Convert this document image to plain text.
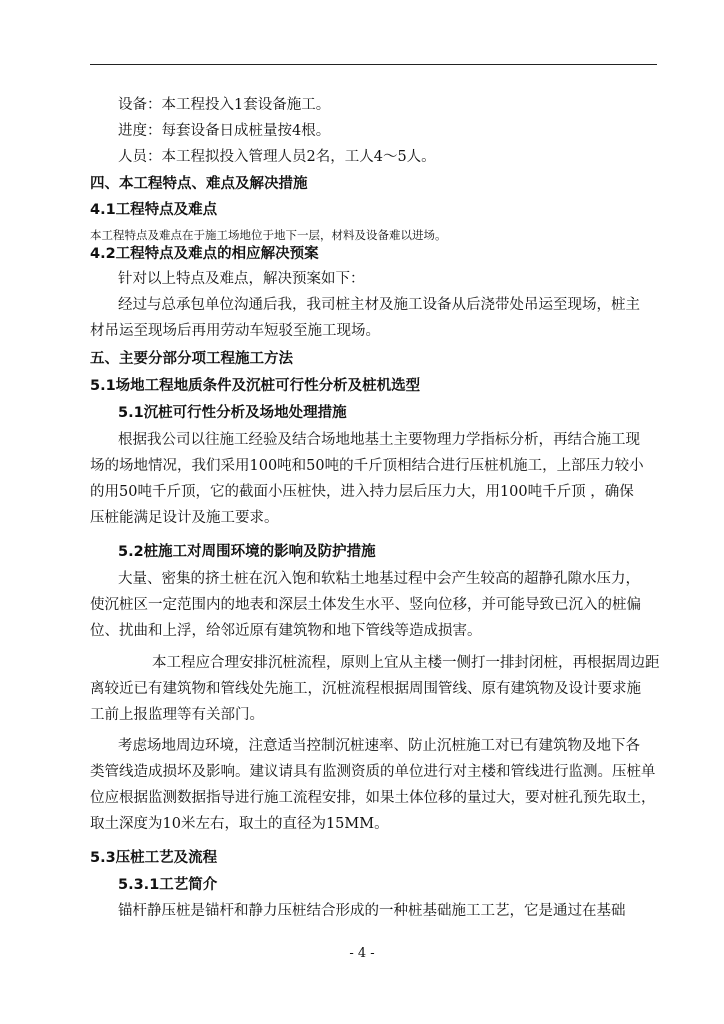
设备：本工程投入1套设备施工。

进度：每套设备日成桩量按4根。

人员：本工程拟投入管理人员2名，工人4～5人。

四、本工程特点、难点及解决措施

4.1工程特点及难点

本工程特点及难点在于施工场地位于地下一层，材料及设备难以进场。

4.2工程特点及难点的相应解决预案

针对以上特点及难点，解决预案如下：

经过与总承包单位沟通后我，我司桩主材及施工设备从后浇带处吊运至现场，桩主

材吊运至现场后再用劳动车短驳至施工现场。

五、主要分部分项工程施工方法

5.1场地工程地质条件及沉桩可行性分析及桩机选型

5.1沉桩可行性分析及场地处理措施

根据我公司以往施工经验及结合场地地基土主要物理力学指标分析，再结合施工现

场的场地情况，我们采用100吨和50吨的千斤顶相结合进行压桩机施工，上部压力较小

的用50吨千斤顶，它的截面小压桩快，进入持力层后压力大，用100吨千斤顶 ，确保

压桩能满足设计及施工要求。

5.2桩施工对周围环境的影响及防护措施

大量、密集的挤土桩在沉入饱和软粘土地基过程中会产生较高的超静孔隙水压力，

使沉桩区一定范围内的地表和深层土体发生水平、竖向位移，并可能导致已沉入的桩偏

位、扰曲和上浮，给邻近原有建筑物和地下管线等造成损害。

本工程应合理安排沉桩流程，原则上宜从主楼一侧打一排封闭桩，再根据周边距

离较近已有建筑物和管线处先施工，沉桩流程根据周围管线、原有建筑物及设计要求施

工前上报监理等有关部门。

考虑场地周边环境，注意适当控制沉桩速率、防止沉桩施工对已有建筑物及地下各

类管线造成损坏及影响。建议请具有监测资质的单位进行对主楼和管线进行监测。压桩单

位应根据监测数据指导进行施工流程安排，如果土体位移的量过大，要对桩孔预先取土，

取土深度为10米左右，取土的直径为15MM。

5.3压桩工艺及流程

5.3.1工艺简介

锚杆静压桩是锚杆和静力压桩结合形成的一种桩基础施工工艺，它是通过在基础

- 4 -
